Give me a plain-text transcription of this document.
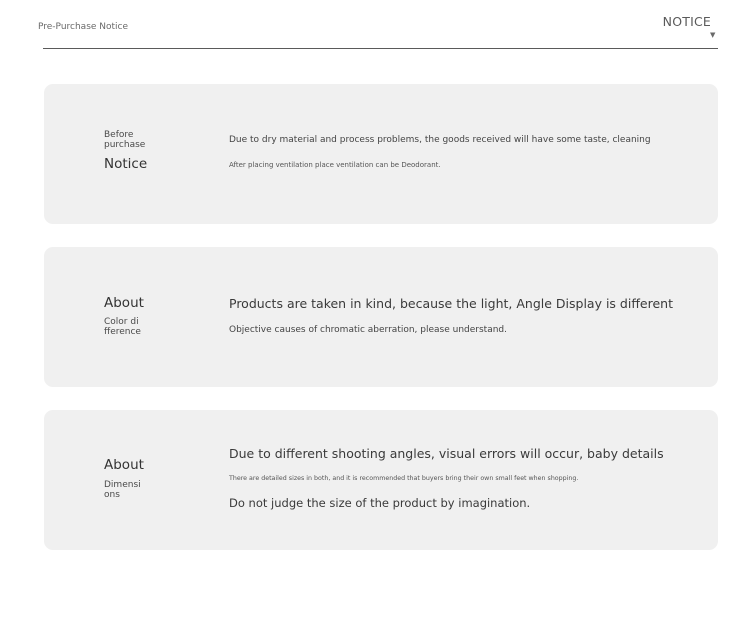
Pre-Purchase Notice	NOTICE
▼
Before purchase
Notice
Due to dry material and process problems, the goods received will have some taste, cleaning
After placing ventilation place ventilation can be Deodorant.
About
Color di fference
Products are taken in kind, because the light, Angle Display is different
Objective causes of chromatic aberration, please understand.
About
Dimensi ons
Due to different shooting angles, visual errors will occur, baby details
There are detailed sizes in both, and it is recommended that buyers bring their own small feet when shopping.
Do not judge the size of the product by imagination.
